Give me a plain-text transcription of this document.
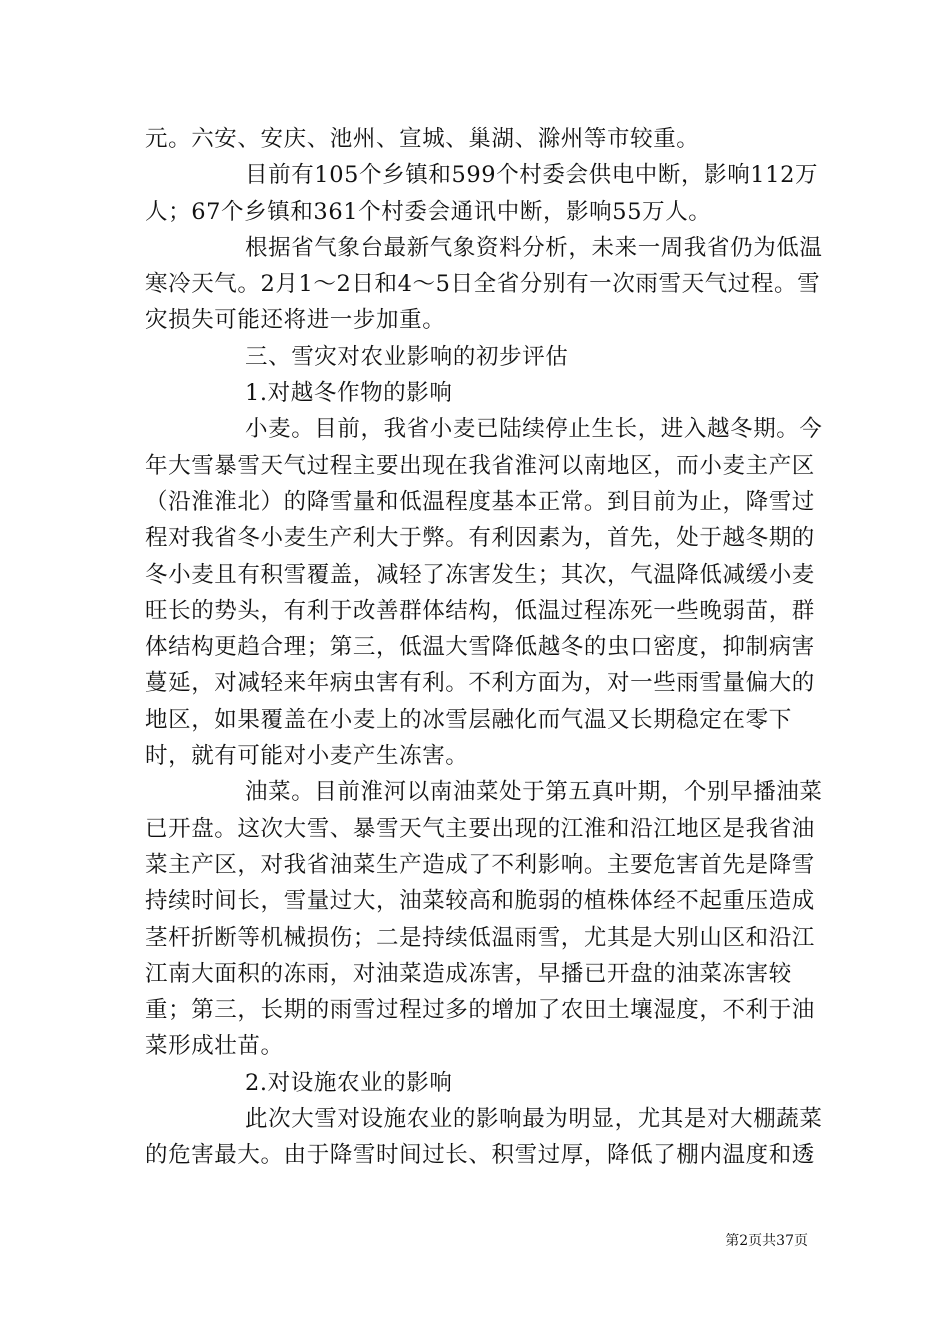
元。六安、安庆、池州、宣城、巢湖、滁州等市较重。

目前有105个乡镇和599个村委会供电中断，影响112万人；67个乡镇和361个村委会通讯中断，影响55万人。

根据省气象台最新气象资料分析，未来一周我省仍为低温寒冷天气。2月1～2日和4～5日全省分别有一次雨雪天气过程。雪灾损失可能还将进一步加重。

三、雪灾对农业影响的初步评估

1.对越冬作物的影响

小麦。目前，我省小麦已陆续停止生长，进入越冬期。今年大雪暴雪天气过程主要出现在我省淮河以南地区，而小麦主产区（沿淮淮北）的降雪量和低温程度基本正常。到目前为止，降雪过程对我省冬小麦生产利大于弊。有利因素为，首先，处于越冬期的冬小麦且有积雪覆盖，减轻了冻害发生；其次，气温降低减缓小麦旺长的势头，有利于改善群体结构，低温过程冻死一些晚弱苗，群体结构更趋合理；第三，低温大雪降低越冬的虫口密度，抑制病害蔓延，对减轻来年病虫害有利。不利方面为，对一些雨雪量偏大的地区，如果覆盖在小麦上的冰雪层融化而气温又长期稳定在零下时，就有可能对小麦产生冻害。

油菜。目前淮河以南油菜处于第五真叶期，个别早播油菜已开盘。这次大雪、暴雪天气主要出现的江淮和沿江地区是我省油菜主产区，对我省油菜生产造成了不利影响。主要危害首先是降雪持续时间长，雪量过大，油菜较高和脆弱的植株体经不起重压造成茎杆折断等机械损伤；二是持续低温雨雪，尤其是大别山区和沿江江南大面积的冻雨，对油菜造成冻害，早播已开盘的油菜冻害较重；第三，长期的雨雪过程过多的增加了农田土壤湿度，不利于油菜形成壮苗。

2.对设施农业的影响

此次大雪对设施农业的影响最为明显，尤其是对大棚蔬菜的危害最大。由于降雪时间过长、积雪过厚，降低了棚内温度和透

第2页共37页
